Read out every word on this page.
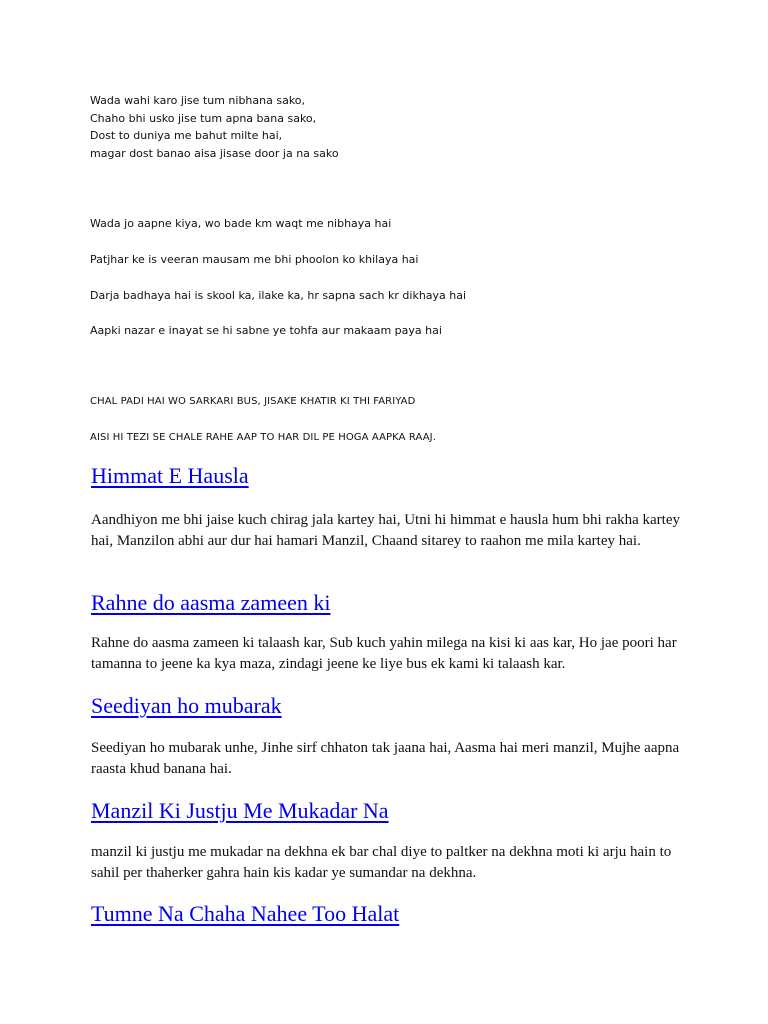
Wada wahi karo jise tum nibhana sako,

Chaho bhi usko jise tum apna bana sako,

Dost to duniya me bahut milte hai,

magar dost banao aisa jisase door ja na sako

Wada jo aapne kiya, wo bade km waqt me nibhaya hai

Patjhar ke is veeran mausam me bhi phoolon ko khilaya hai

Darja badhaya hai is skool ka, ilake ka, hr sapna sach kr dikhaya hai

Aapki nazar e inayat se hi sabne ye tohfa aur makaam paya hai

CHAL PADI HAI WO SARKARI BUS, JISAKE KHATIR KI THI FARIYAD

AISI HI TEZI SE CHALE RAHE AAP TO HAR DIL PE HOGA AAPKA RAAJ.

Himmat E Hausla

Aandhiyon me bhi jaise kuch chirag jala kartey hai, Utni hi himmat e hausla hum bhi rakha kartey hai, Manzilon abhi aur dur hai hamari Manzil, Chaand sitarey to raahon me mila kartey hai.

Rahne do aasma zameen ki

Rahne do aasma zameen ki talaash kar, Sub kuch yahin milega na kisi ki aas kar, Ho jae poori har tamanna to jeene ka kya maza, zindagi jeene ke liye bus ek kami ki talaash kar.

Seediyan ho mubarak

Seediyan ho mubarak unhe, Jinhe sirf chhaton tak jaana hai, Aasma hai meri manzil, Mujhe aapna raasta khud banana hai.

Manzil Ki Justju Me Mukadar Na

manzil ki justju me mukadar na dekhna ek bar chal diye to paltker na dekhna moti ki arju hain to sahil per thaherker gahra hain kis kadar ye sumandar na dekhna.

Tumne Na Chaha Nahee Too Halat
